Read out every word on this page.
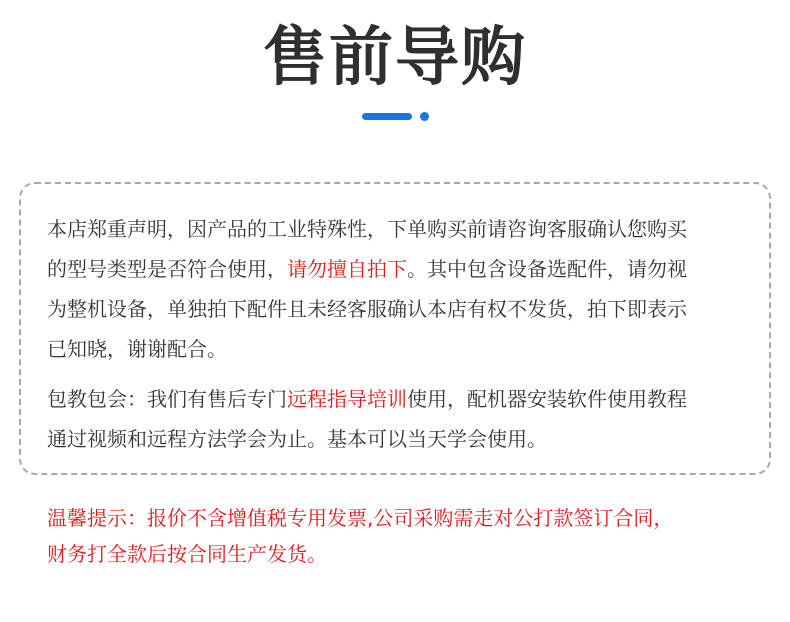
售前导购
本店郑重声明，因产品的工业特殊性，下单购买前请咨询客服确认您购买
的型号类型是否符合使用，请勿擅自拍下。其中包含设备选配件，请勿视
为整机设备，单独拍下配件且未经客服确认本店有权不发货，拍下即表示
已知晓，谢谢配合。
包教包会：我们有售后专门远程指导培训使用，配机器安装软件使用教程
通过视频和远程方法学会为止。基本可以当天学会使用。
温馨提示：报价不含增值税专用发票,公司采购需走对公打款签订合同，
财务打全款后按合同生产发货。
